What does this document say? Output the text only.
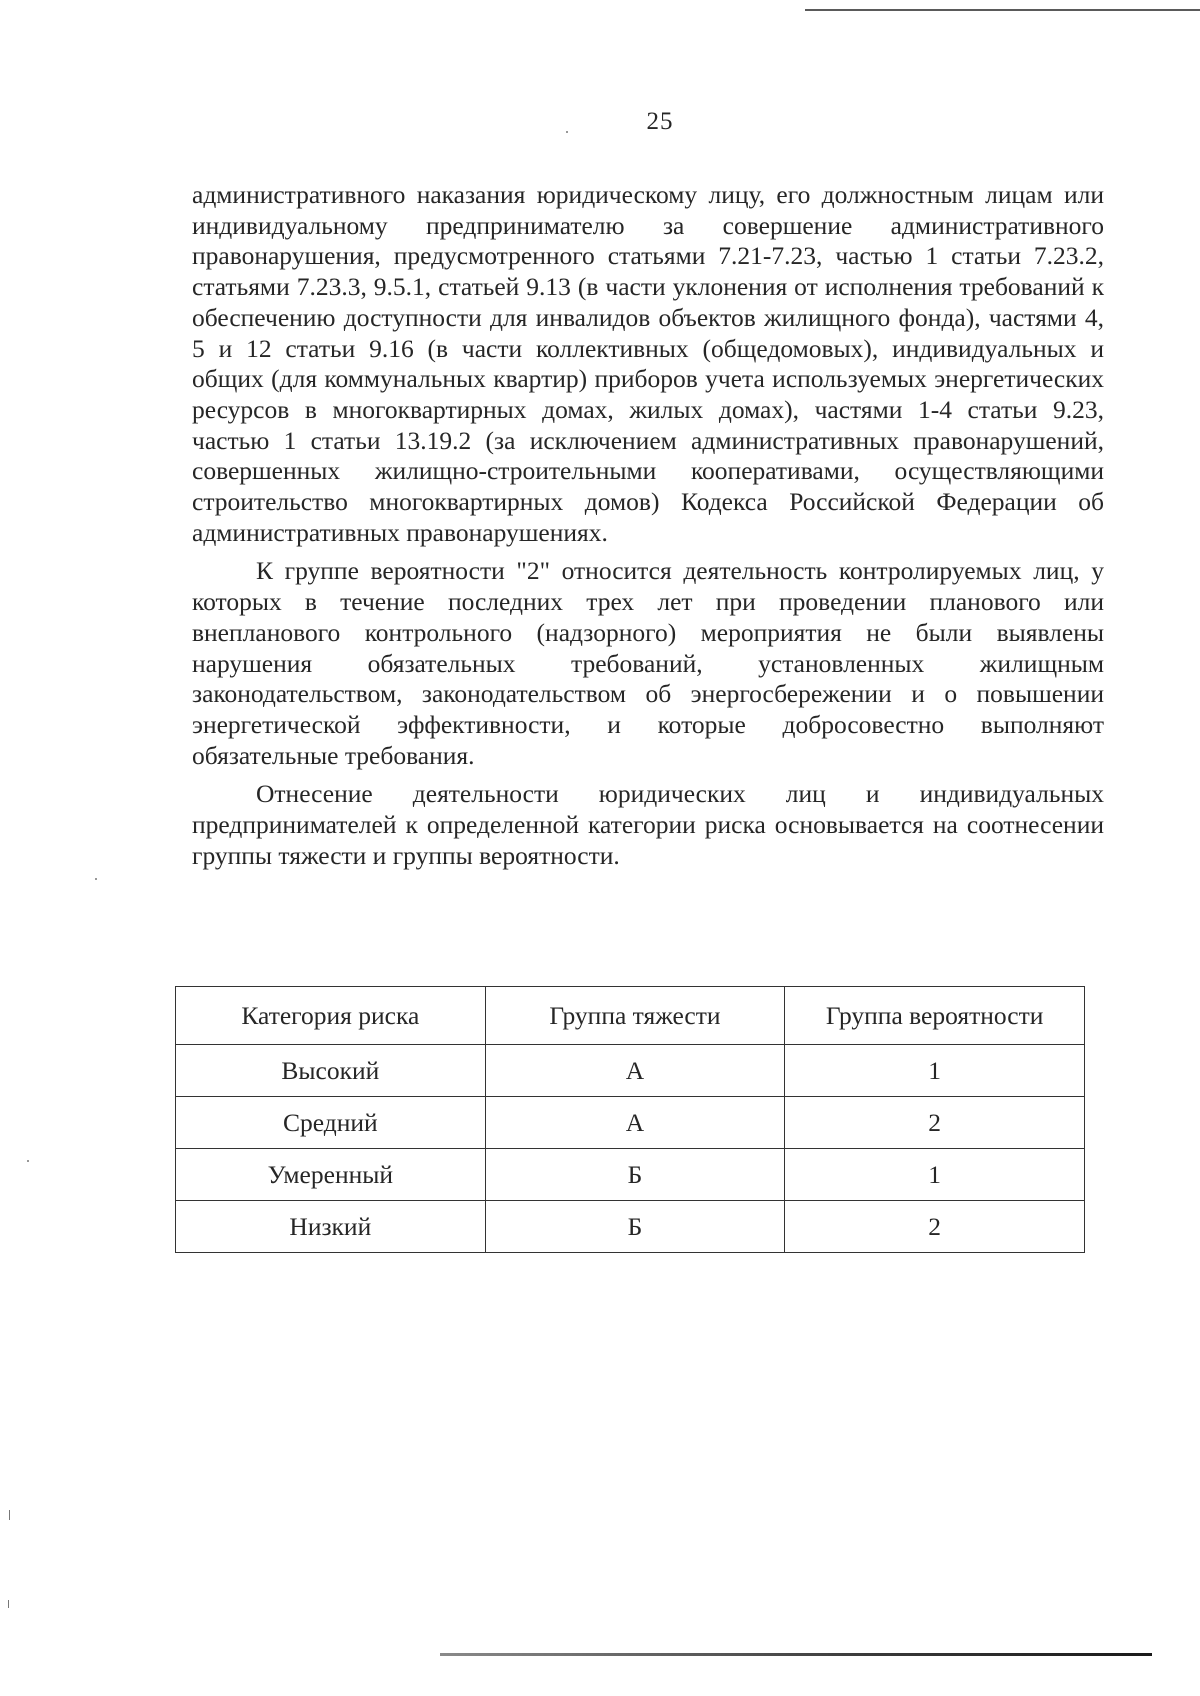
25

административного наказания юридическому лицу, его должностным лицам или индивидуальному предпринимателю за совершение административного правонарушения, предусмотренного статьями 7.21-7.23, частью 1 статьи 7.23.2, статьями 7.23.3, 9.5.1, статьей 9.13 (в части уклонения от исполнения требований к обеспечению доступности для инвалидов объектов жилищного фонда), частями 4, 5 и 12 статьи 9.16 (в части коллективных (общедомовых), индивидуальных и общих (для коммунальных квартир) приборов учета используемых энергетических ресурсов в многоквартирных домах, жилых домах), частями 1-4 статьи 9.23, частью 1 статьи 13.19.2 (за исключением административных правонарушений, совершенных жилищно-строительными кооперативами, осуществляющими строительство многоквартирных домов) Кодекса Российской Федерации об административных правонарушениях.

К группе вероятности "2" относится деятельность контролируемых лиц, у которых в течение последних трех лет при проведении планового или внепланового контрольного (надзорного) мероприятия не были выявлены нарушения обязательных требований, установленных жилищным законодательством, законодательством об энергосбережении и о повышении энергетической эффективности, и которые добросовестно выполняют обязательные требования.

Отнесение деятельности юридических лиц и индивидуальных предпринимателей к определенной категории риска основывается на соотнесении группы тяжести и группы вероятности.

Категория риска	Группа тяжести	Группа вероятности
Высокий	А	1
Средний	А	2
Умеренный	Б	1
Низкий	Б	2
